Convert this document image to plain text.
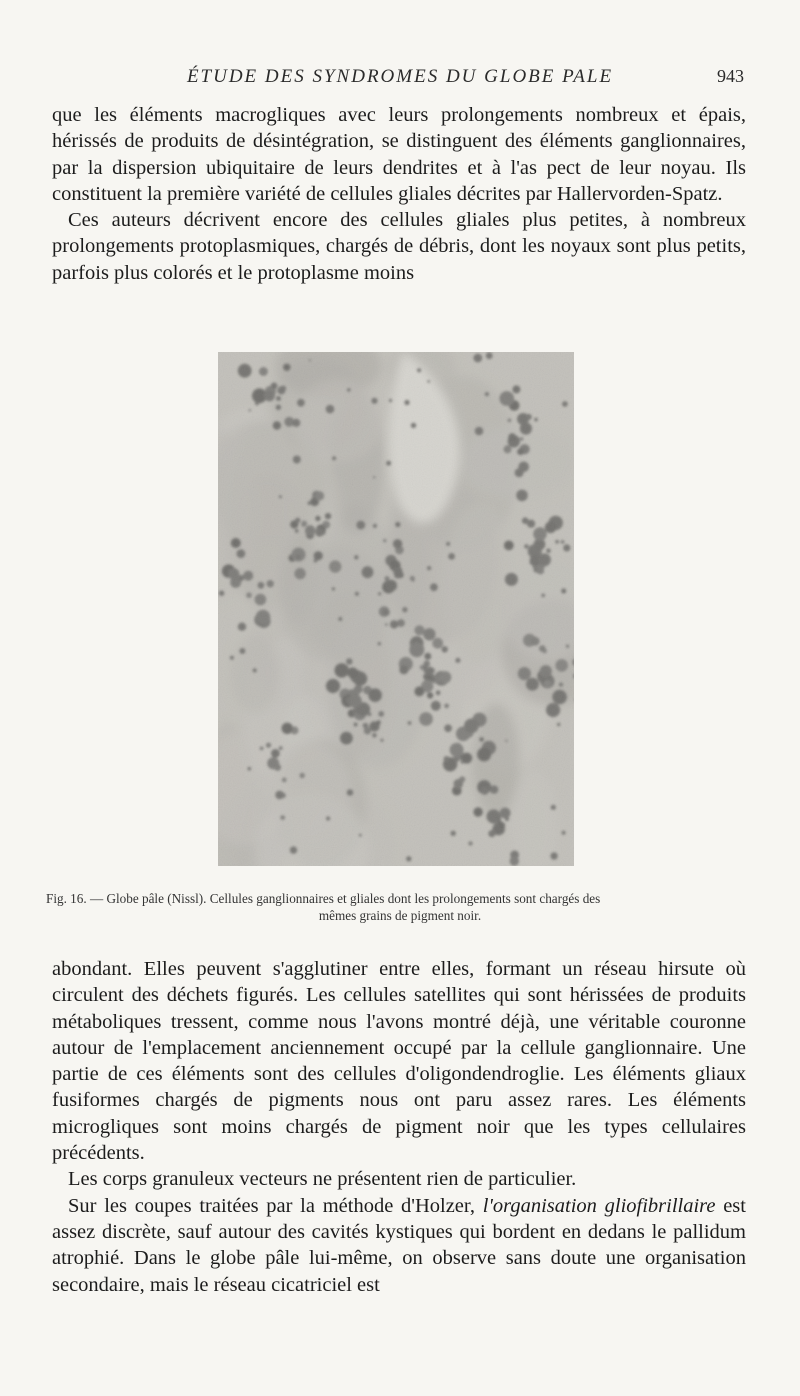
ÉTUDE DES SYNDROMES DU GLOBE PALE	943

que les éléments macrogliques avec leurs prolongements nombreux et épais, hérissés de produits de désintégration, se distinguent des éléments ganglionnaires, par la dispersion ubiquitaire de leurs dendrites et à l'as pect de leur noyau. Ils constituent la première variété de cellules gliales décrites par Hallervorden-Spatz.

Ces auteurs décrivent encore des cellules gliales plus petites, à nombreux prolongements protoplasmiques, chargés de débris, dont les noyaux sont plus petits, parfois plus colorés et le protoplasme moins

Fig. 16. — Globe pâle (Nissl). Cellules ganglionnaires et gliales dont les prolongements sont chargés des
mêmes grains de pigment noir.

abondant. Elles peuvent s'agglutiner entre elles, formant un réseau hirsute où circulent des déchets figurés. Les cellules satellites qui sont hérissées de produits métaboliques tressent, comme nous l'avons montré déjà, une véritable couronne autour de l'emplacement anciennement occupé par la cellule ganglionnaire. Une partie de ces éléments sont des cellules d'oligondendroglie. Les éléments gliaux fusiformes chargés de pigments nous ont paru assez rares. Les éléments microgliques sont moins chargés de pigment noir que les types cellulaires précédents.

Les corps granuleux vecteurs ne présentent rien de particulier.

Sur les coupes traitées par la méthode d'Holzer, l'organisation gliofibrillaire est assez discrète, sauf autour des cavités kystiques qui bordent en dedans le pallidum atrophié. Dans le globe pâle lui-même, on observe sans doute une organisation secondaire, mais le réseau cicatriciel est
